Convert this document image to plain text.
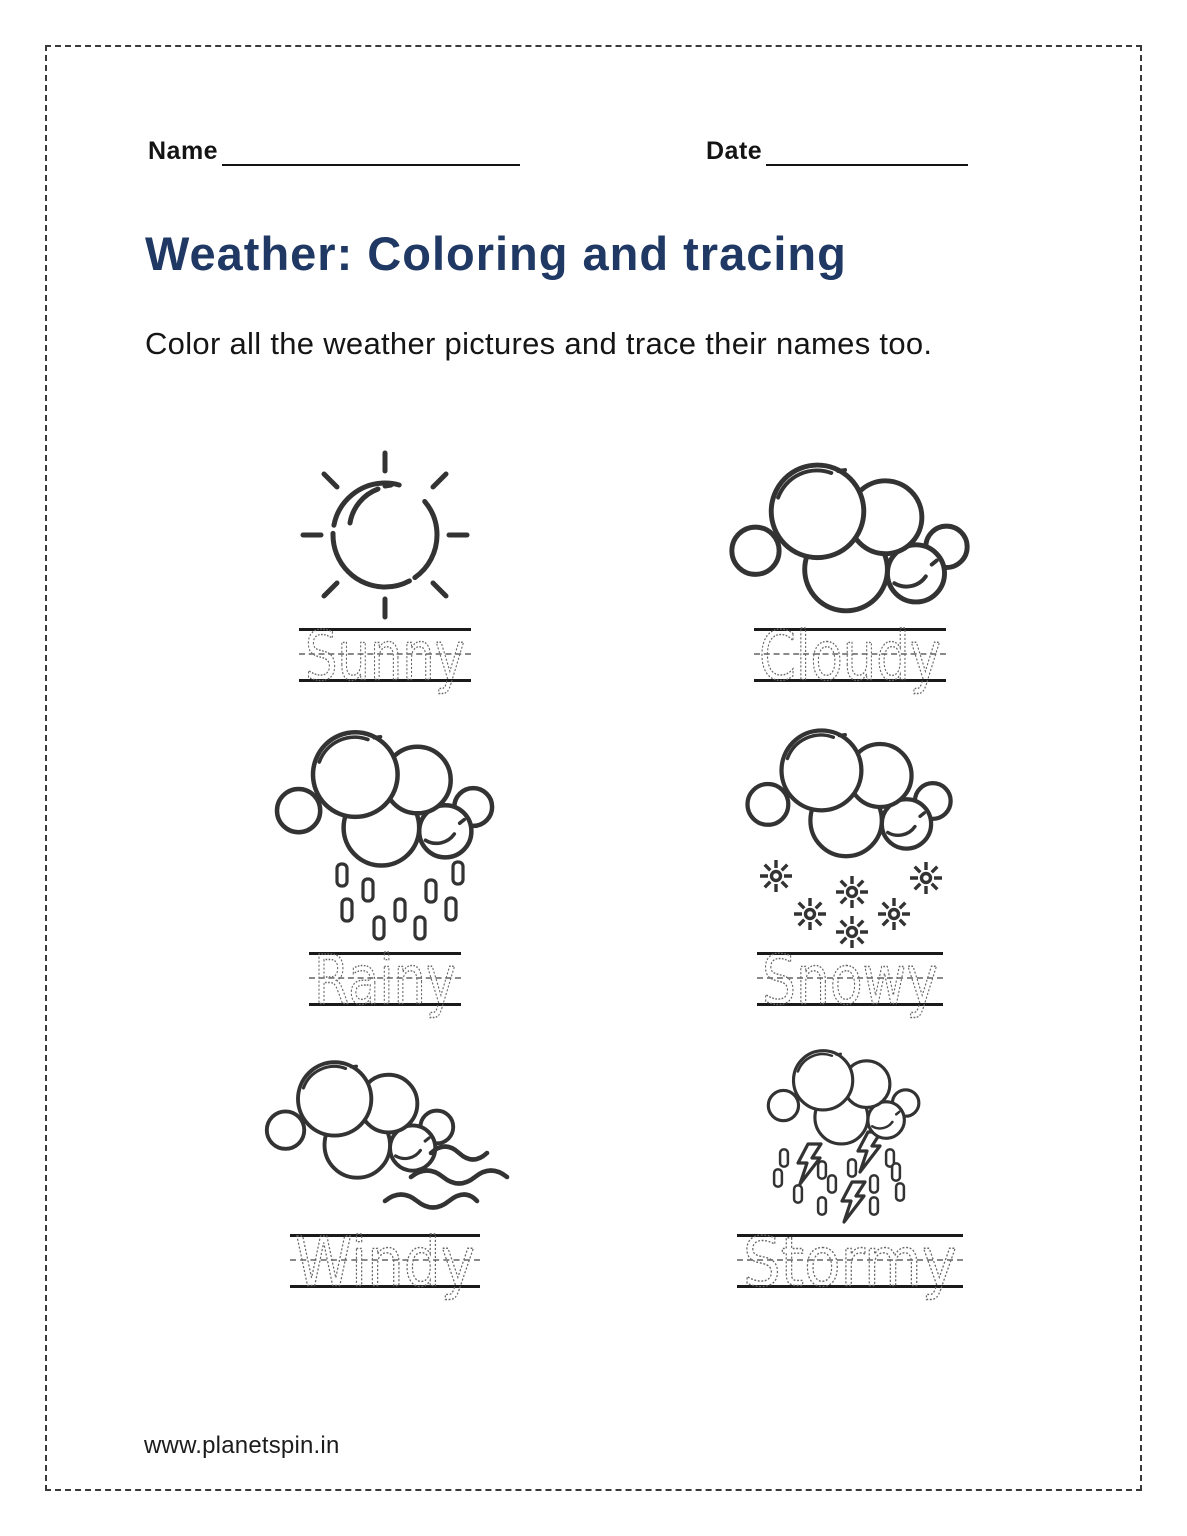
Name	Date
Weather: Coloring and tracing
Color all the weather pictures and trace their names too.
Sunny	Cloudy
Rainy	Snowy
Windy	Stormy
www.planetspin.in
